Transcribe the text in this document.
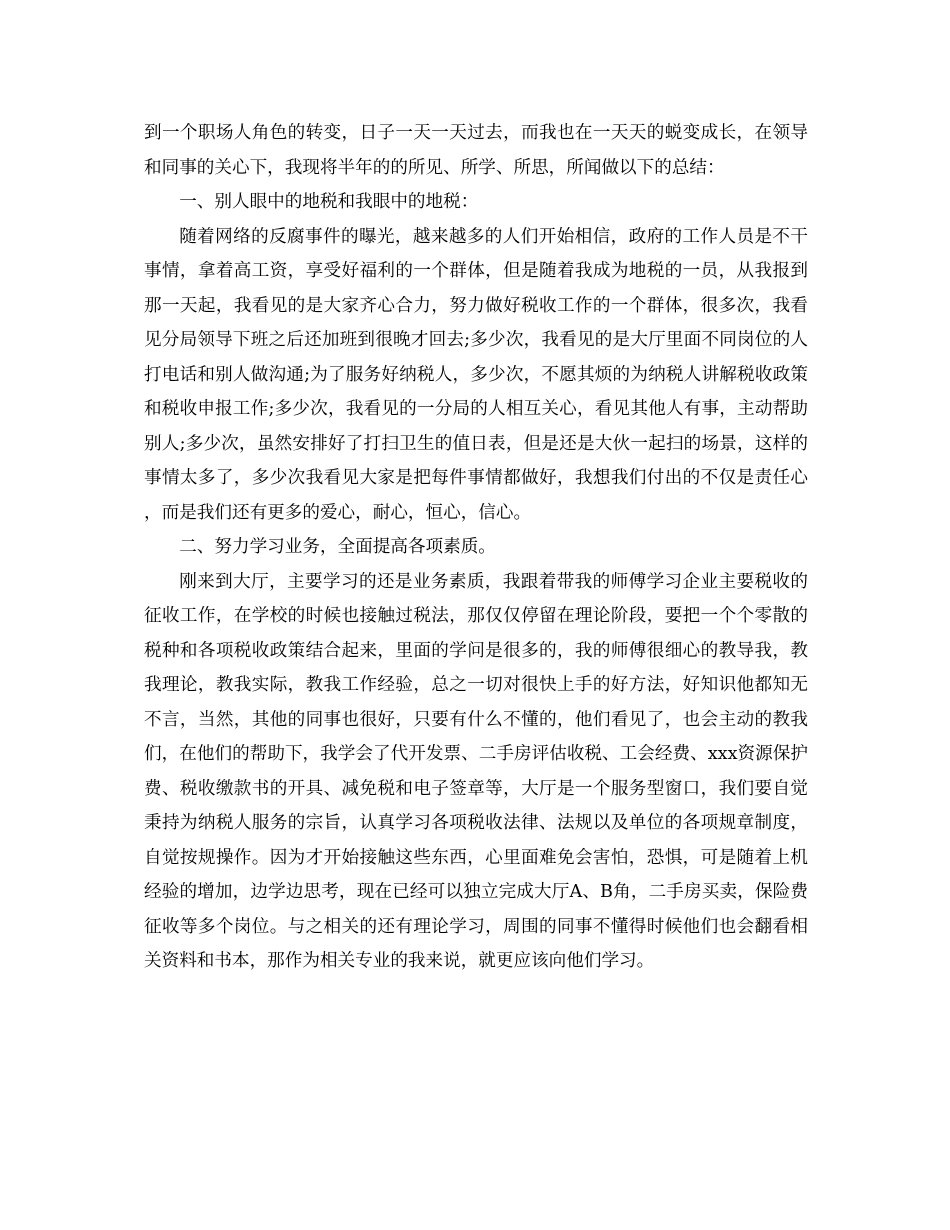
到一个职场人角色的转变，日子一天一天过去，而我也在一天天的蜕变成长，在领导和同事的关心下，我现将半年的的所见、所学、所思，所闻做以下的总结：

一、别人眼中的地税和我眼中的地税：

随着网络的反腐事件的曝光，越来越多的人们开始相信，政府的工作人员是不干事情，拿着高工资，享受好福利的一个群体，但是随着我成为地税的一员，从我报到那一天起，我看见的是大家齐心合力，努力做好税收工作的一个群体，很多次，我看见分局领导下班之后还加班到很晚才回去;多少次，我看见的是大厅里面不同岗位的人打电话和别人做沟通;为了服务好纳税人，多少次，不愿其烦的为纳税人讲解税收政策和税收申报工作;多少次，我看见的一分局的人相互关心，看见其他人有事，主动帮助别人;多少次，虽然安排好了打扫卫生的值日表，但是还是大伙一起扫的场景，这样的事情太多了，多少次我看见大家是把每件事情都做好，我想我们付出的不仅是责任心，而是我们还有更多的爱心，耐心，恒心，信心。

二、努力学习业务，全面提高各项素质。

刚来到大厅，主要学习的还是业务素质，我跟着带我的师傅学习企业主要税收的征收工作，在学校的时候也接触过税法，那仅仅停留在理论阶段，要把一个个零散的税种和各项税收政策结合起来，里面的学问是很多的，我的师傅很细心的教导我，教我理论，教我实际，教我工作经验，总之一切对很快上手的好方法，好知识他都知无不言，当然，其他的同事也很好，只要有什么不懂的，他们看见了，也会主动的教我们，在他们的帮助下，我学会了代开发票、二手房评估收税、工会经费、xxx资源保护费、税收缴款书的开具、减免税和电子签章等，大厅是一个服务型窗口，我们要自觉秉持为纳税人服务的宗旨，认真学习各项税收法律、法规以及单位的各项规章制度，自觉按规操作。因为才开始接触这些东西，心里面难免会害怕，恐惧，可是随着上机经验的增加，边学边思考，现在已经可以独立完成大厅A、B角，二手房买卖，保险费征收等多个岗位。与之相关的还有理论学习，周围的同事不懂得时候他们也会翻看相关资料和书本，那作为相关专业的我来说，就更应该向他们学习。
